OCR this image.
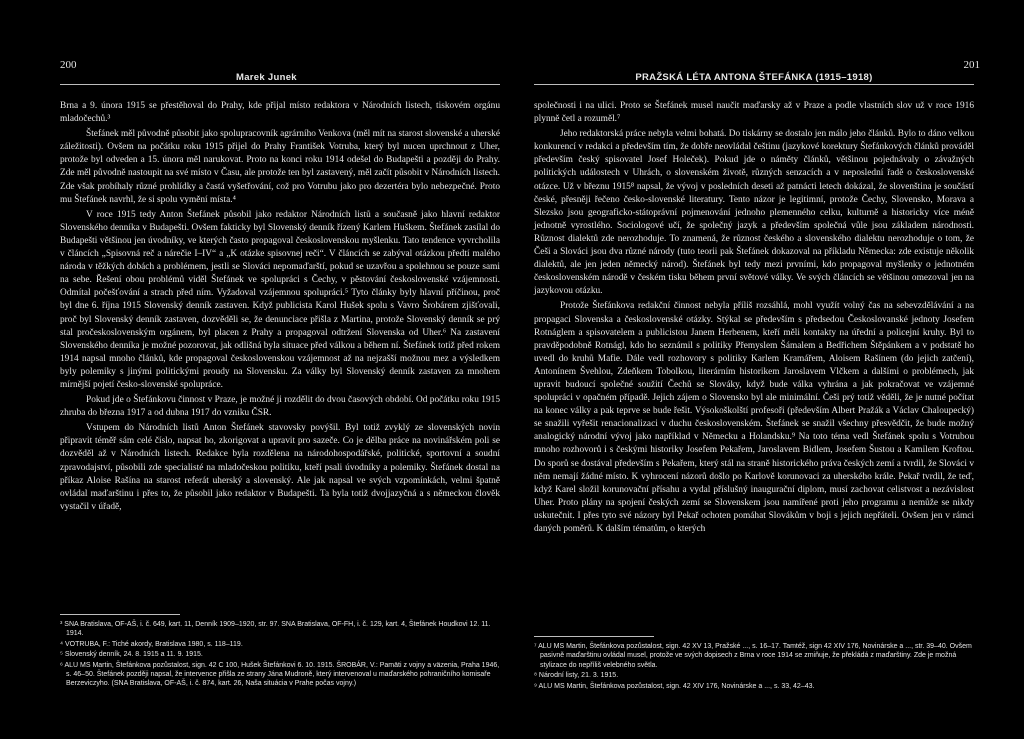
200
Marek Junek

Brna a 9. února 1915 se přestěhoval do Prahy, kde přijal místo redaktora v Národních listech, tiskovém orgánu mladočechů.³

Štefánek měl původně působit jako spolupracovník agrárního Venkova (měl mít na starost slovenské a uherské záležitosti). Ovšem na počátku roku 1915 přijel do Prahy František Votruba, který byl nucen uprchnout z Uher, protože byl odveden a 15. února měl narukovat. Proto na konci roku 1914 odešel do Budapešti a později do Prahy. Zde měl původně nastoupit na své místo v Času, ale protože ten byl zastavený, měl začít působit v Národních listech. Zde však probíhaly různé prohlídky a častá vyšetřování, což pro Votrubu jako pro dezertéra bylo nebezpečné. Proto mu Štefánek navrhl, že si spolu vymění místa.⁴

V roce 1915 tedy Anton Štefánek působil jako redaktor Národních listů a současně jako hlavní redaktor Slovenského denníka v Budapešti. Ovšem fakticky byl Slovenský denník řízený Karlem Huškem. Štefánek zasílal do Budapešti většinou jen úvodníky, ve kterých často propagoval československou myšlenku. Tato tendence vyvrcholila v článcích „Spisovná reč a nárečie I–IV“ a „K otázke spisovnej reči“. V článcích se zabýval otázkou předtí malého národa v těžkých dobách a problémem, jestli se Slováci nepomaďarští, pokud se uzavřou a spolehnou se pouze sami na sebe. Řešení obou problémů viděl Štefánek ve spolupráci s Čechy, v pěstování československé vzájemnosti. Odmítal počešťování a strach před ním. Vyžadoval vzájemnou spolupráci.⁵ Tyto články byly hlavní příčinou, proč byl dne 6. října 1915 Slovenský denník zastaven. Když publicista Karol Hušek spolu s Vavro Šrobárem zjišťovali, proč byl Slovenský denník zastaven, dozvěděli se, že denunciace přišla z Martina, protože Slovenský denník se prý stal pročeskoslovenským orgánem, byl placen z Prahy a propagoval odtržení Slovenska od Uher.⁶ Na zastavení Slovenského denníka je možné pozorovat, jak odlišná byla situace před válkou a během ní. Štefánek totiž před rokem 1914 napsal mnoho článků, kde propagoval československou vzájemnost až na nejzašší možnou mez a výsledkem byly polemiky s jinými politickými proudy na Slovensku. Za války byl Slovenský denník zastaven za mnohem mírnější pojetí česko-slovenské spolupráce.

Pokud jde o Štefánkovu činnost v Praze, je možné ji rozdělit do dvou časových období. Od počátku roku 1915 zhruba do března 1917 a od dubna 1917 do vzniku ČSR.

Vstupem do Národních listů Anton Štefánek stavovsky povýšil. Byl totiž zvyklý ze slovenských novin připravit téměř sám celé číslo, napsat ho, zkorigovat a upravit pro sazeče. Co je dělba práce na novinářském poli se dozvěděl až v Národních listech. Redakce byla rozdělena na národohospodářské, politické, sportovní a soudní zpravodajství, působili zde specialisté na mladočeskou politiku, kteří psali úvodníky a polemiky. Štefánek dostal na příkaz Aloise Rašína na starost referát uherský a slovenský. Ale jak napsal ve svých vzpomínkách, velmi špatně ovládal maďarštinu i přes to, že působil jako redaktor v Budapešti. Ta byla totiž dvojjazyčná a s německou člověk vystačil v úřadě,

³ SNA Bratislava, OF-AŠ, i. č. 649, kart. 11, Denník 1909–1920, str. 97. SNA Bratislava, OF-FH, i. č. 129, kart. 4, Štefánek Houdkovi 12. 11. 1914.

⁴ VOTRUBA, F.: Tiché akordy, Bratislava 1980, s. 118–119.

⁵ Slovenský denník, 24. 8. 1915 a 11. 9. 1915.

⁶ ALU MS Martin, Štefánkova pozůstalost, sign. 42 C 100, Hušek Štefánkovi 6. 10. 1915. ŠROBÁR, V.: Pamäti z vojny a väzenia, Praha 1946, s. 46–50. Štefánek později napsal, že intervence přišla ze strany Jána Mudroně, který intervenoval u maďarského pohraničního komisaře Berzeviczyho. (SNA Bratislava, OF-AŠ, i. č. 874, kart. 26, Naša situácia v Prahe počas vojny.)

201
PRAŽSKÁ LÉTA ANTONA ŠTEFÁNKA (1915–1918)

společnosti i na ulici. Proto se Štefánek musel naučit maďarsky až v Praze a podle vlastních slov už v roce 1916 plynně četl a rozuměl.⁷

Jeho redaktorská práce nebyla velmi bohatá. Do tiskárny se dostalo jen málo jeho článků. Bylo to dáno velkou konkurencí v redakci a především tím, že dobře neovládal češtinu (jazykové korektury Štefánkových článků prováděl především český spisovatel Josef Holeček). Pokud jde o náměty článků, většinou pojednávaly o závažných politických událostech v Uhrách, o slovenském životě, různých senzacích a v neposlední řadě o československé otázce. Už v březnu 1915⁸ napsal, že vývoj v posledních deseti až patnácti letech dokázal, že slovenština je součástí české, přesněji řečeno česko-slovenské literatury. Tento názor je legitimní, protože Čechy, Slovensko, Morava a Slezsko jsou geograficko-státoprávní pojmenování jednoho plemenného celku, kulturně a historicky více méně jednotně vyrostlého. Sociologové učí, že společný jazyk a především společná vůle jsou základem národnosti. Různost dialektů zde nerozhoduje. To znamená, že různost českého a slovenského dialektu nerozhoduje o tom, že Češi a Slováci jsou dva různé národy (tuto teorii pak Štefánek dokazoval na příkladu Německa: zde existuje několik dialektů, ale jen jeden německý národ). Štefánek byl tedy mezi prvními, kdo propagoval myšlenky o jednotném československém národě v českém tisku během první světové války. Ve svých článcích se většinou omezoval jen na jazykovou otázku.

Protože Štefánkova redakční činnost nebyla příliš rozsáhlá, mohl využít volný čas na sebevzdělávání a na propagaci Slovenska a československé otázky. Stýkal se především s předsedou Českoslovanské jednoty Josefem Rotnáglem a spisovatelem a publicistou Janem Herbenem, kteří měli kontakty na úřední a policejní kruhy. Byl to pravděpodobně Rotnágl, kdo ho seznámil s politiky Přemyslem Šámalem a Bedřichem Štěpánkem a v podstatě ho uvedl do kruhů Mafie. Dále vedl rozhovory s politiky Karlem Kramářem, Aloisem Rašínem (do jejich zatčení), Antonínem Švehlou, Zdeňkem Tobolkou, literárním historikem Jaroslavem Vlčkem a dalšími o problémech, jak upravit budoucí společné soužití Čechů se Slováky, když bude válka vyhrána a jak pokračovat ve vzájemné spolupráci v opačném případě. Jejich zájem o Slovensko byl ale minimální. Češi prý totiž věděli, že je nutné počítat na konec války a pak teprve se bude řešit. Výsokoškolští profesoři (především Albert Pražák a Václav Chaloupecký) se snažili vyřešit renacionalizaci v duchu československém. Štefánek se snažil všechny přesvědčit, že bude možný analogický národní vývoj jako například v Německu a Holandsku.⁹ Na toto téma vedl Štefánek spolu s Votrubou mnoho rozhovorů i s českými historiky Josefem Pekařem, Jaroslavem Bidlem, Josefem Šustou a Kamilem Kroftou. Do sporů se dostával především s Pekařem, který stál na straně historického práva českých zemí a tvrdil, že Slováci v něm nemají žádné místo. K vyhrocení názorů došlo po Karlově korunovaci za uherského krále. Pekař tvrdil, že teď, když Karel složil korunovační přísahu a vydal příslušný inaugurační diplom, musí zachovat celistvost a nezávislost Uher. Proto plány na spojení českých zemí se Slovenskem jsou namířené proti jeho programu a nemůže se nikdy uskutečnit. I přes tyto své názory byl Pekař ochoten pomáhat Slovákům v boji s jejich nepřáteli. Ovšem jen v rámci daných poměrů. K dalším tématům, o kterých

⁷ ALU MS Martin, Štefánkova pozůstalost, sign. 42 XV 13, Pražské ..., s. 16–17. Tamtéž, sign 42 XIV 176, Novinárske a ..., str. 39–40. Ovšem pasivně maďarštinu ovládal musel, protože ve svých dopisech z Brna v roce 1914 se zmiňuje, že překládá z maďarštiny. Zde je možná stylizace do nepříliš velebného světla.

⁸ Národní listy, 21. 3. 1915.

⁹ ALU MS Martin, Štefánkova pozůstalost, sign. 42 XIV 176, Novinárske a ..., s. 33, 42–43.
